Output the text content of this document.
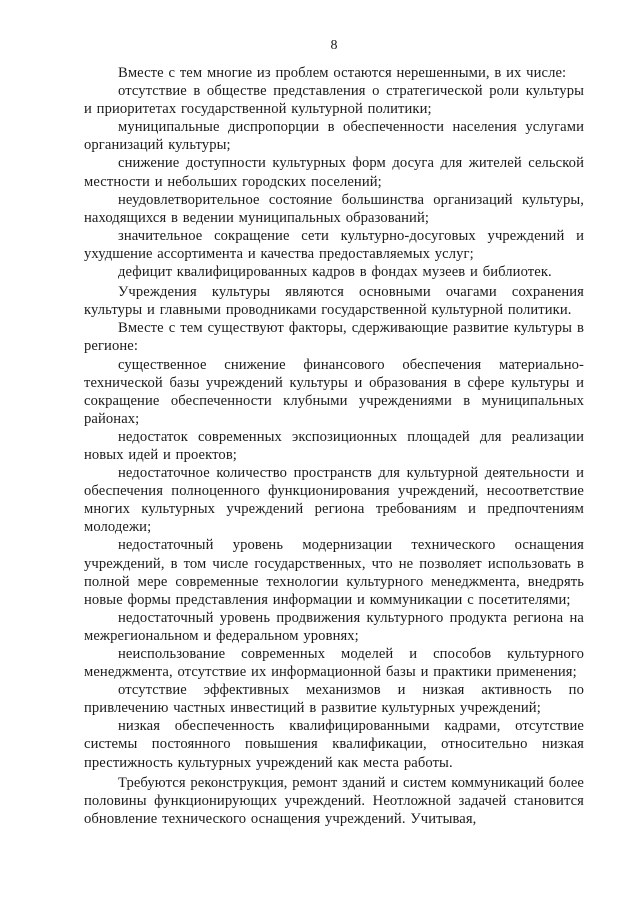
8

Вместе с тем многие из проблем остаются нерешенными, в их числе:

отсутствие в обществе представления о стратегической роли культуры и приоритетах государственной культурной политики;

муниципальные диспропорции в обеспеченности населения услугами организаций культуры;

снижение доступности культурных форм досуга для жителей сельской местности и небольших городских поселений;

неудовлетворительное состояние большинства организаций культуры, находящихся в ведении муниципальных образований;

значительное сокращение сети культурно-досуговых учреждений и ухудшение ассортимента и качества предоставляемых услуг;

дефицит квалифицированных кадров в фондах музеев и библиотек.

Учреждения культуры являются основными очагами сохранения культуры и главными проводниками государственной культурной политики.

Вместе с тем существуют факторы, сдерживающие развитие культуры в регионе:

существенное снижение финансового обеспечения материально-технической базы учреждений культуры и образования в сфере культуры и сокращение обеспеченности клубными учреждениями в муниципальных районах;

недостаток современных экспозиционных площадей для реализации новых идей и проектов;

недостаточное количество пространств для культурной деятельности и обеспечения полноценного функционирования учреждений, несоответствие многих культурных учреждений региона требованиям и предпочтениям молодежи;

недостаточный уровень модернизации технического оснащения учреждений, в том числе государственных, что не позволяет использовать в полной мере современные технологии культурного менеджмента, внедрять новые формы представления информации и коммуникации с посетителями;

недостаточный уровень продвижения культурного продукта региона на межрегиональном и федеральном уровнях;

неиспользование современных моделей и способов культурного менеджмента, отсутствие их информационной базы и практики применения;

отсутствие эффективных механизмов и низкая активность по привлечению частных инвестиций в развитие культурных учреждений;

низкая обеспеченность квалифицированными кадрами, отсутствие системы постоянного повышения квалификации, относительно низкая престижность культурных учреждений как места работы.

Требуются реконструкция, ремонт зданий и систем коммуникаций более половины функционирующих учреждений. Неотложной задачей становится обновление технического оснащения учреждений. Учитывая,
